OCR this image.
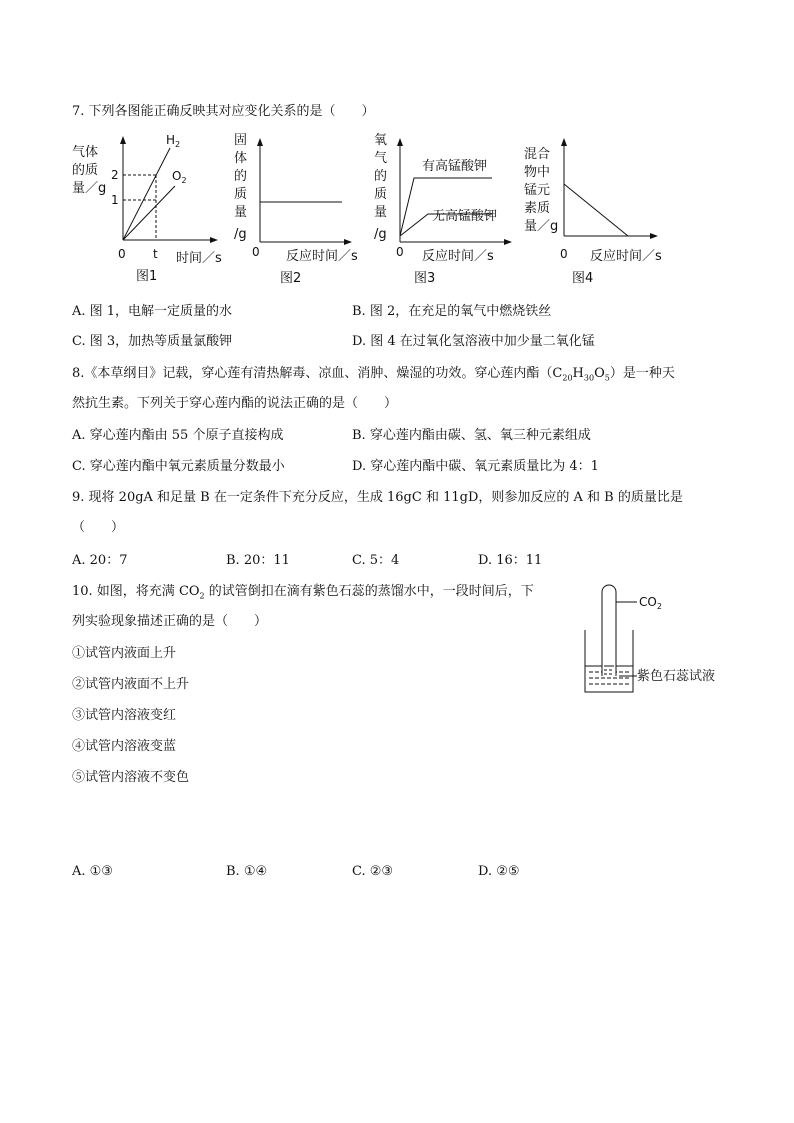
7. 下列各图能正确反映其对应变化关系的是（　　）
气体
的质
量／g
2
1
0 t
$H_2$
$O_2$
时间／s
图1
固
体
的
质
量
/g
0 反应时间／s
图2
氧
气
的
质
量
/g
有高锰酸钾
无高锰酸钾
0 反应时间／s
图3
混合
物中
锰元
素质
量／g
0 反应时间／s
图4
A. 图 1，电解一定质量的水	B. 图 2，在充足的氧气中燃烧铁丝
C. 图 3，加热等质量氯酸钾	D. 图 4 在过氧化氢溶液中加少量二氧化锰
8.《本草纲目》记载，穿心莲有清热解毒、凉血、消肿、燥湿的功效。穿心莲内酯$(C_{20}H_{30}O_5)$是一种天
然抗生素。下列关于穿心莲内酯的说法正确的是（　　）
A. 穿心莲内酯由 55 个原子直接构成	B. 穿心莲内酯由碳、氢、氧三种元素组成
C. 穿心莲内酯中氧元素质量分数最小	D. 穿心莲内酯中碳、氧元素质量比为 4：1
9. 现将 20gA 和足量 B 在一定条件下充分反应，生成 16gC 和 11gD，则参加反应的 A 和 B 的质量比是
（　　）
A. 20：7	B. 20：11	C. 5：4	D. 16：11
10. 如图，将充满 $CO_2$ 的试管倒扣在滴有紫色石蕊的蒸馏水中，一段时间后，下
列实验现象描述正确的是（　　）
①试管内液面上升
②试管内液面不上升
③试管内溶液变红
④试管内溶液变蓝
⑤试管内溶液不变色
$CO_2$
紫色石蕊试液
A. ①③	B. ①④	C. ②③	D. ②⑤
